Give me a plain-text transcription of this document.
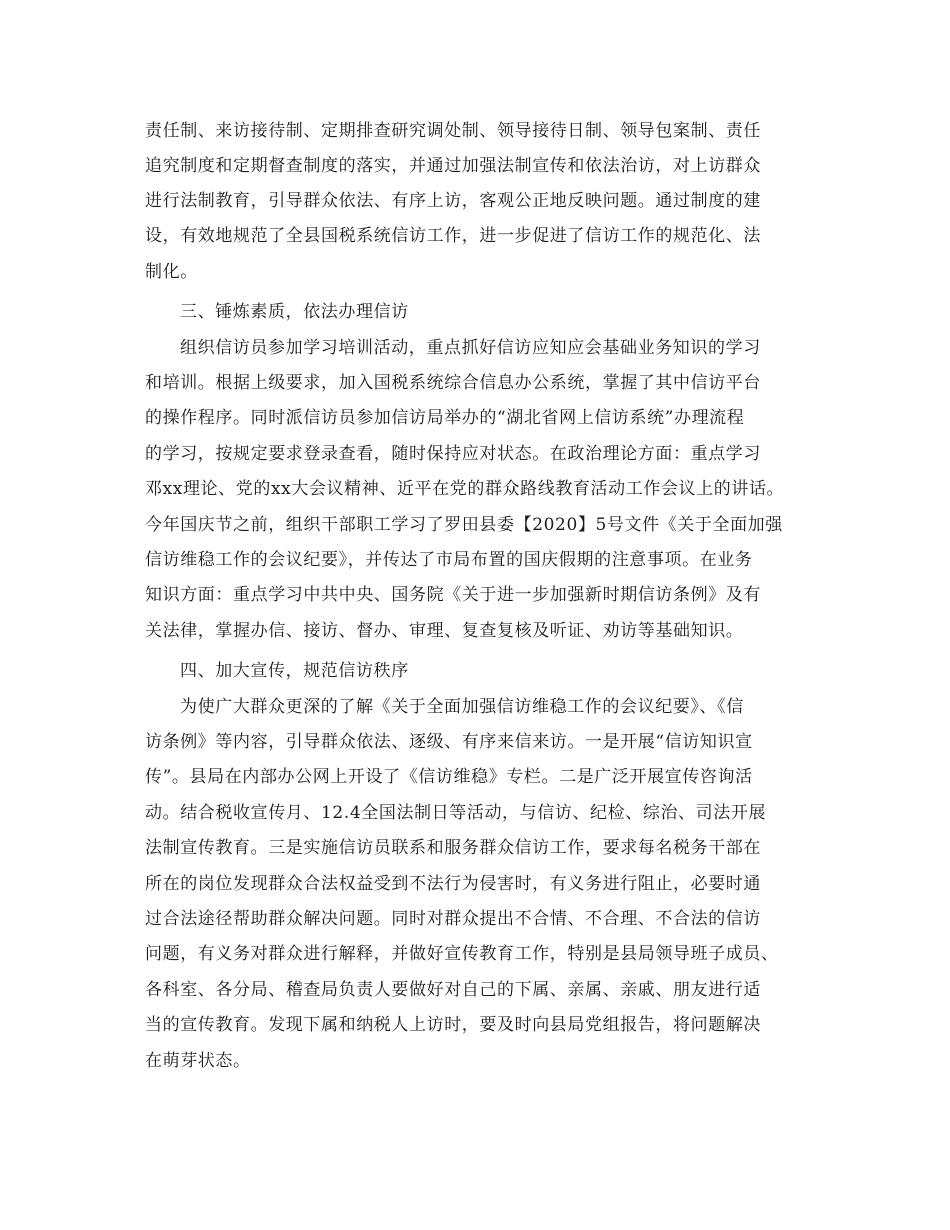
责任制、来访接待制、定期排查研究调处制、领导接待日制、领导包案制、责任
追究制度和定期督查制度的落实，并通过加强法制宣传和依法治访，对上访群众
进行法制教育，引导群众依法、有序上访，客观公正地反映问题。通过制度的建
设，有效地规范了全县国税系统信访工作，进一步促进了信访工作的规范化、法
制化。
三、锤炼素质，依法办理信访
组织信访员参加学习培训活动，重点抓好信访应知应会基础业务知识的学习
和培训。根据上级要求，加入国税系统综合信息办公系统，掌握了其中信访平台
的操作程序。同时派信访员参加信访局举办的“湖北省网上信访系统”办理流程
的学习，按规定要求登录查看，随时保持应对状态。在政治理论方面：重点学习
邓xx理论、党的xx大会议精神、近平在党的群众路线教育活动工作会议上的讲话。
今年国庆节之前，组织干部职工学习了罗田县委【2020】5号文件《关于全面加强
信访维稳工作的会议纪要》，并传达了市局布置的国庆假期的注意事项。在业务
知识方面：重点学习中共中央、国务院《关于进一步加强新时期信访条例》及有
关法律，掌握办信、接访、督办、审理、复查复核及听证、劝访等基础知识。
四、加大宣传，规范信访秩序
为使广大群众更深的了解《关于全面加强信访维稳工作的会议纪要》、《信
访条例》等内容，引导群众依法、逐级、有序来信来访。一是开展“信访知识宣
传”。县局在内部办公网上开设了《信访维稳》专栏。二是广泛开展宣传咨询活
动。结合税收宣传月、12.4全国法制日等活动，与信访、纪检、综治、司法开展
法制宣传教育。三是实施信访员联系和服务群众信访工作，要求每名税务干部在
所在的岗位发现群众合法权益受到不法行为侵害时，有义务进行阻止，必要时通
过合法途径帮助群众解决问题。同时对群众提出不合情、不合理、不合法的信访
问题，有义务对群众进行解释，并做好宣传教育工作，特别是县局领导班子成员、
各科室、各分局、稽查局负责人要做好对自己的下属、亲属、亲戚、朋友进行适
当的宣传教育。发现下属和纳税人上访时，要及时向县局党组报告，将问题解决
在萌芽状态。
